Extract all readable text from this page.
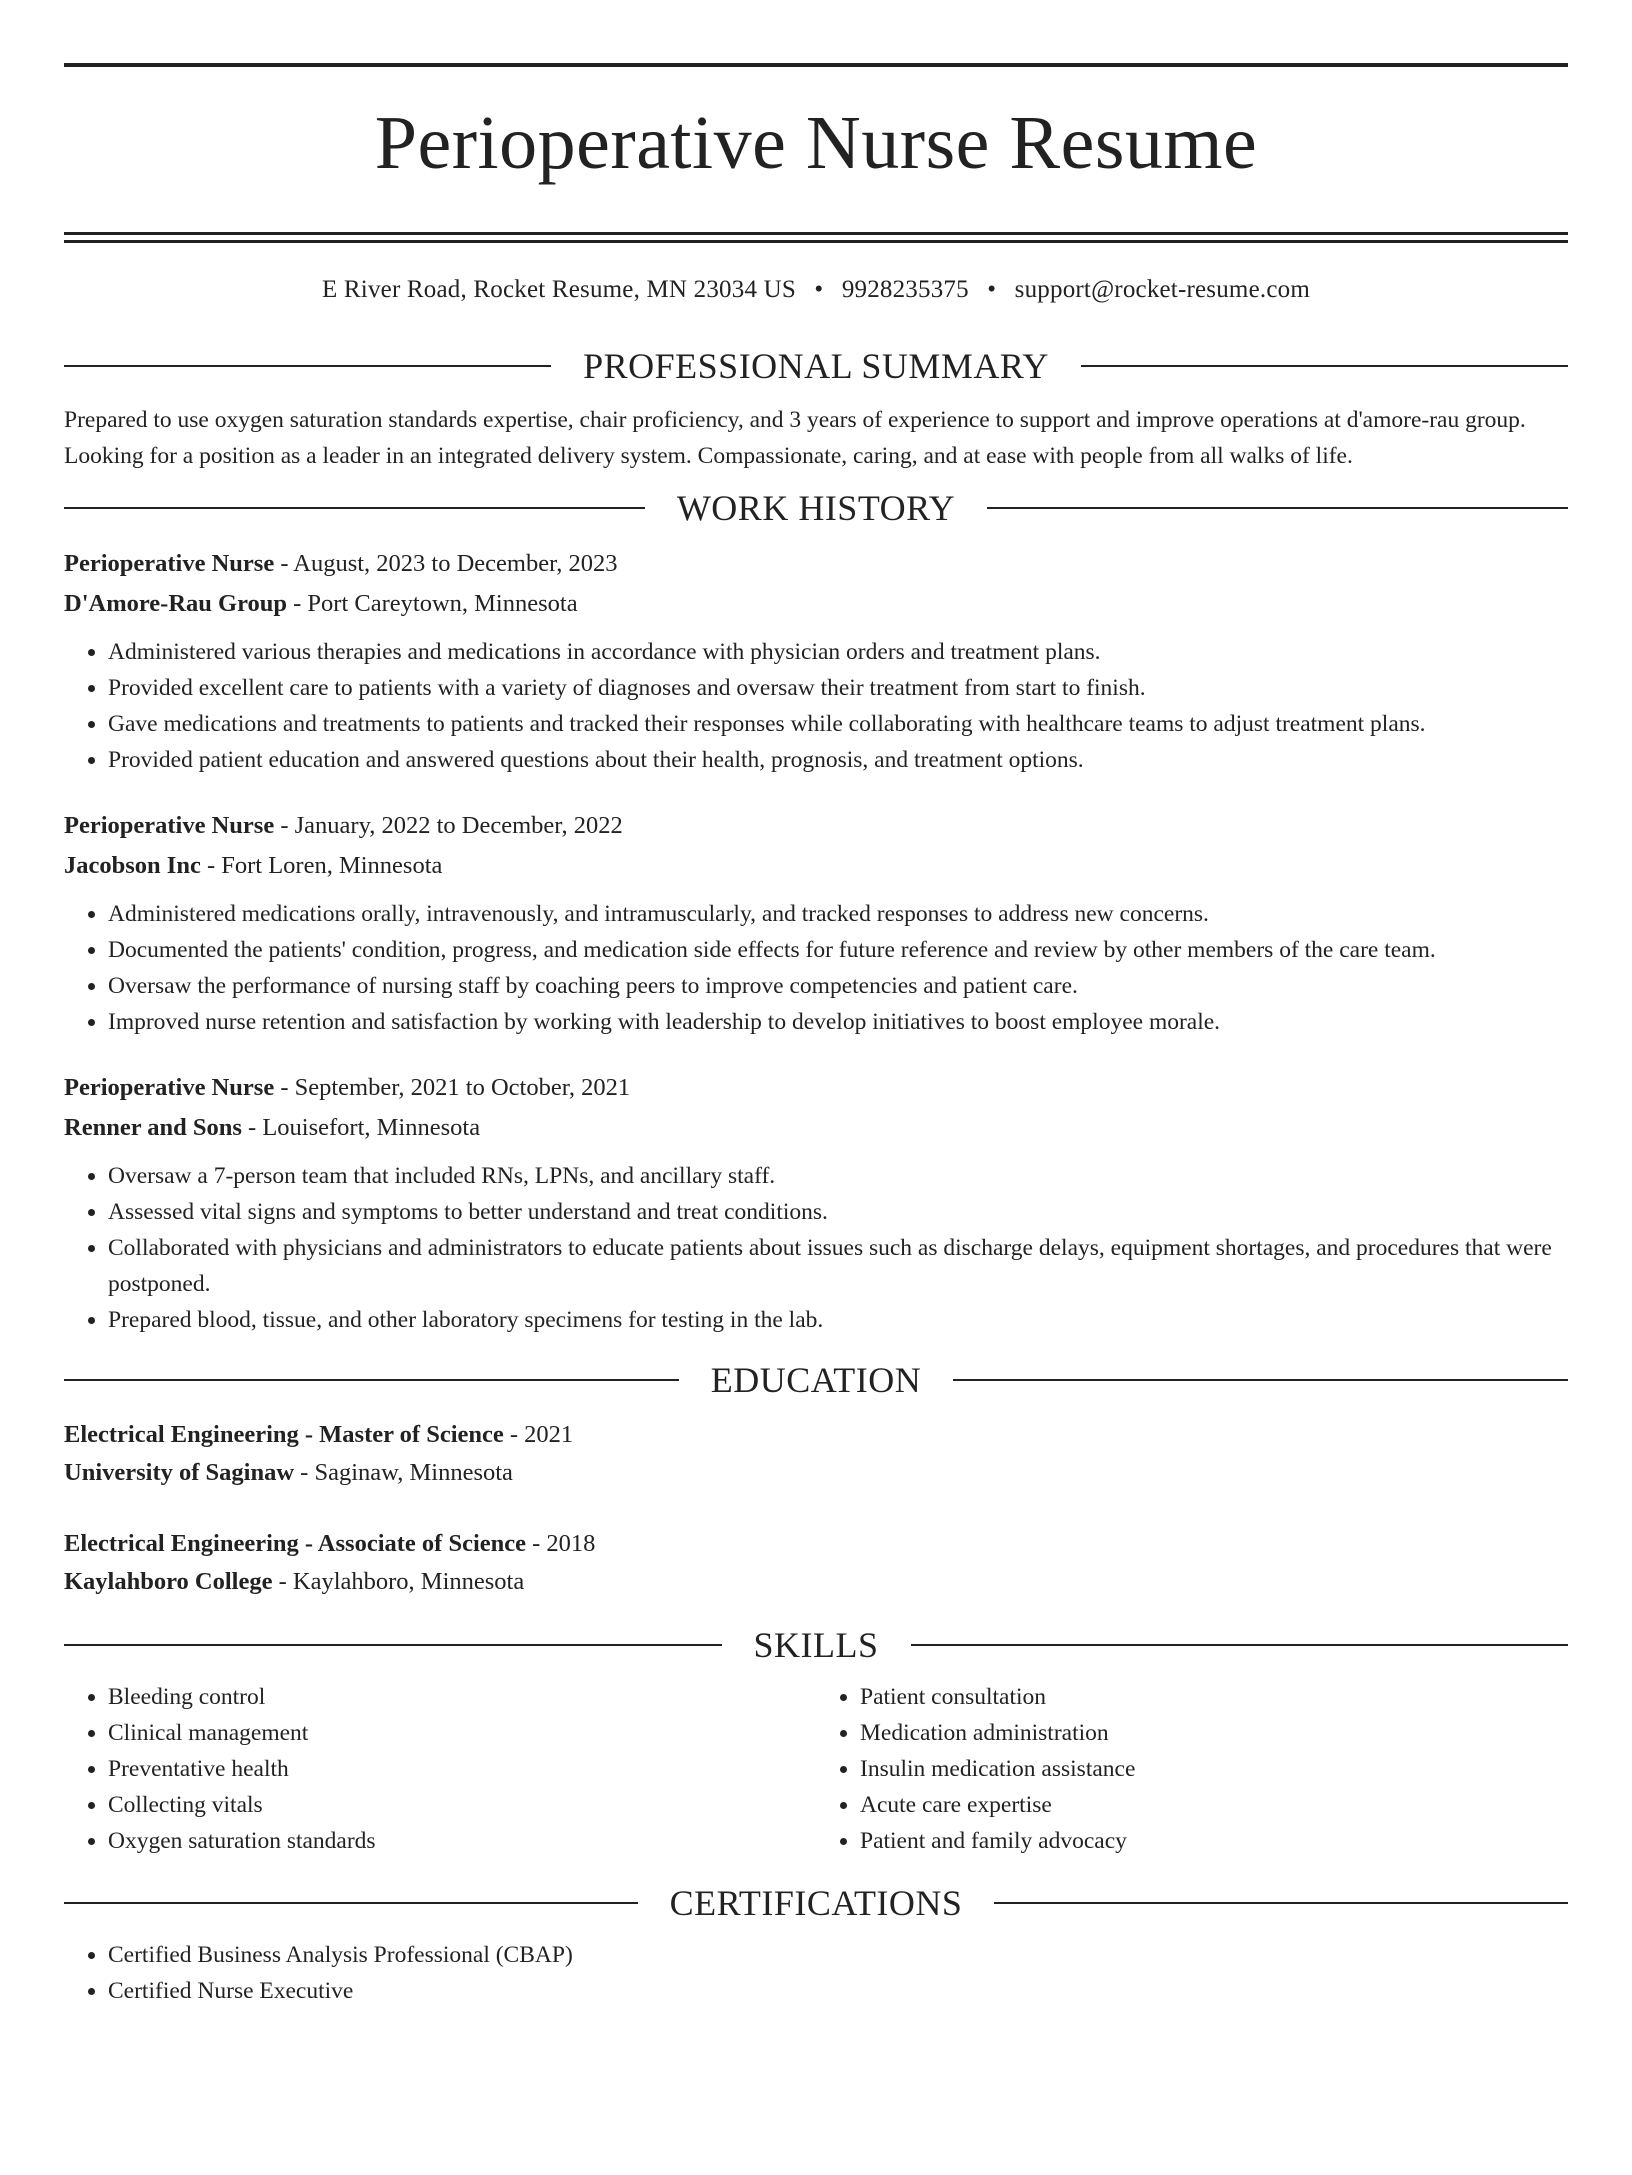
Perioperative Nurse Resume
E River Road, Rocket Resume, MN 23034 US • 9928235375 • support@rocket-resume.com
PROFESSIONAL SUMMARY

Prepared to use oxygen saturation standards expertise, chair proficiency, and 3 years of experience to support and improve operations at d'amore-rau group. Looking for a position as a leader in an integrated delivery system. Compassionate, caring, and at ease with people from all walks of life.

WORK HISTORY
Perioperative Nurse - August, 2023 to December, 2023
D'Amore-Rau Group - Port Careytown, Minnesota
• Administered various therapies and medications in accordance with physician orders and treatment plans.
• Provided excellent care to patients with a variety of diagnoses and oversaw their treatment from start to finish.
• Gave medications and treatments to patients and tracked their responses while collaborating with healthcare teams to adjust treatment plans.
• Provided patient education and answered questions about their health, prognosis, and treatment options.
Perioperative Nurse - January, 2022 to December, 2022
Jacobson Inc - Fort Loren, Minnesota
• Administered medications orally, intravenously, and intramuscularly, and tracked responses to address new concerns.
• Documented the patients' condition, progress, and medication side effects for future reference and review by other members of the care team.
• Oversaw the performance of nursing staff by coaching peers to improve competencies and patient care.
• Improved nurse retention and satisfaction by working with leadership to develop initiatives to boost employee morale.
Perioperative Nurse - September, 2021 to October, 2021
Renner and Sons - Louisefort, Minnesota
• Oversaw a 7-person team that included RNs, LPNs, and ancillary staff.
• Assessed vital signs and symptoms to better understand and treat conditions.
• Collaborated with physicians and administrators to educate patients about issues such as discharge delays, equipment shortages, and procedures that were postponed.
• Prepared blood, tissue, and other laboratory specimens for testing in the lab.
EDUCATION
Electrical Engineering - Master of Science - 2021
University of Saginaw - Saginaw, Minnesota
Electrical Engineering - Associate of Science - 2018
Kaylahboro College - Kaylahboro, Minnesota
SKILLS
• Bleeding control
• Clinical management
• Preventative health
• Collecting vitals
• Oxygen saturation standards
• Patient consultation
• Medication administration
• Insulin medication assistance
• Acute care expertise
• Patient and family advocacy
CERTIFICATIONS
• Certified Business Analysis Professional (CBAP)
• Certified Nurse Executive
